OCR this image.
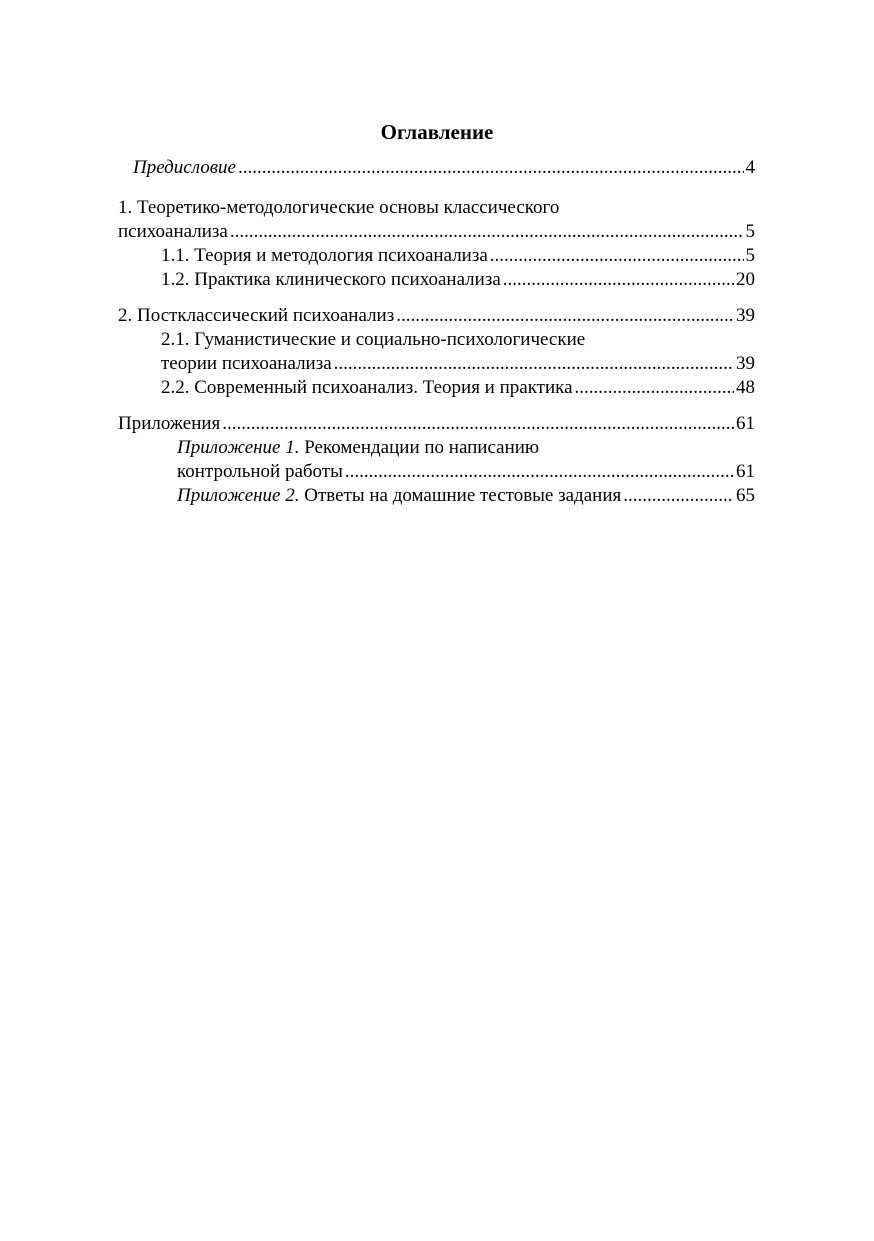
Оглавление
Предисловие .....	4
1. Теоретико-методологические основы классического
психоанализа .....	5
1.1. Теория и методология психоанализа .....	5
1.2. Практика клинического психоанализа .....	20
2. Постклассический психоанализ .....	39
2.1. Гуманистические и социально-психологические
теории психоанализа .....	39
2.2. Современный психоанализ. Теория и практика .....	48
Приложения .....	61
Приложение 1. Рекомендации по написанию
контрольной работы .....	61
Приложение 2. Ответы на домашние тестовые задания .....	65
